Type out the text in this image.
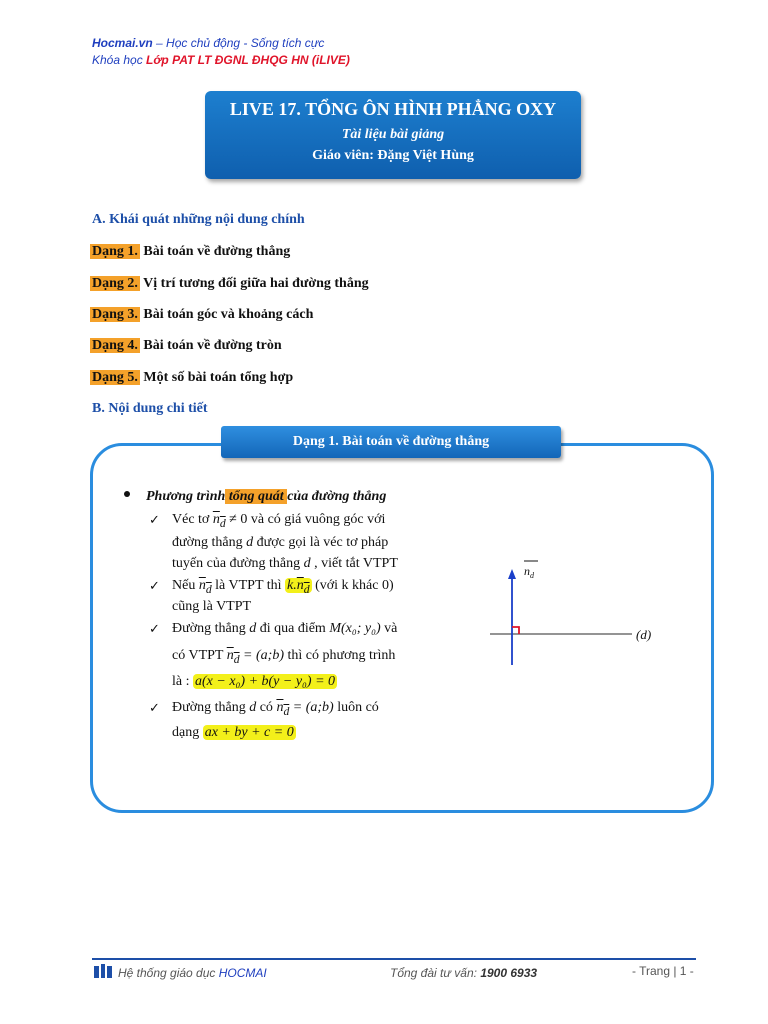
Hocmai.vn – Học chủ động - Sống tích cực
Khóa học Lớp PAT LT ĐGNL ĐHQG HN (iLIVE)
LIVE 17. TỔNG ÔN HÌNH PHẲNG OXY
Tài liệu bài giảng
Giáo viên: Đặng Việt Hùng
A. Khái quát những nội dung chính
Dạng 1. Bài toán về đường thẳng
Dạng 2. Vị trí tương đối giữa hai đường thẳng
Dạng 3. Bài toán góc và khoảng cách
Dạng 4. Bài toán về đường tròn
Dạng 5. Một số bài toán tổng hợp
B. Nội dung chi tiết
Dạng 1. Bài toán về đường thẳng
Phương trình tổng quát của đường thẳng
✓ Véc tơ $n_d \ne 0$ và có giá vuông góc với
đường thẳng d được gọi là véc tơ pháp
tuyến của đường thẳng d , viết tắt VTPT
✓ Nếu $n_d$ là VTPT thì $k.n_d$ (với k khác 0)
cũng là VTPT
✓ Đường thẳng d đi qua điểm M(x₀; y₀) và
có VTPT $n_d$ = (a;b) thì có phương trình
là : a(x − x₀) + b(y − y₀) = 0
✓ Đường thẳng d có $n_d$ = (a;b) luôn có
dạng ax + by + c = 0
$n_d$
(d)
Hệ thống giáo dục HOCMAI	Tổng đài tư vấn: 1900 6933	- Trang | 1 -
